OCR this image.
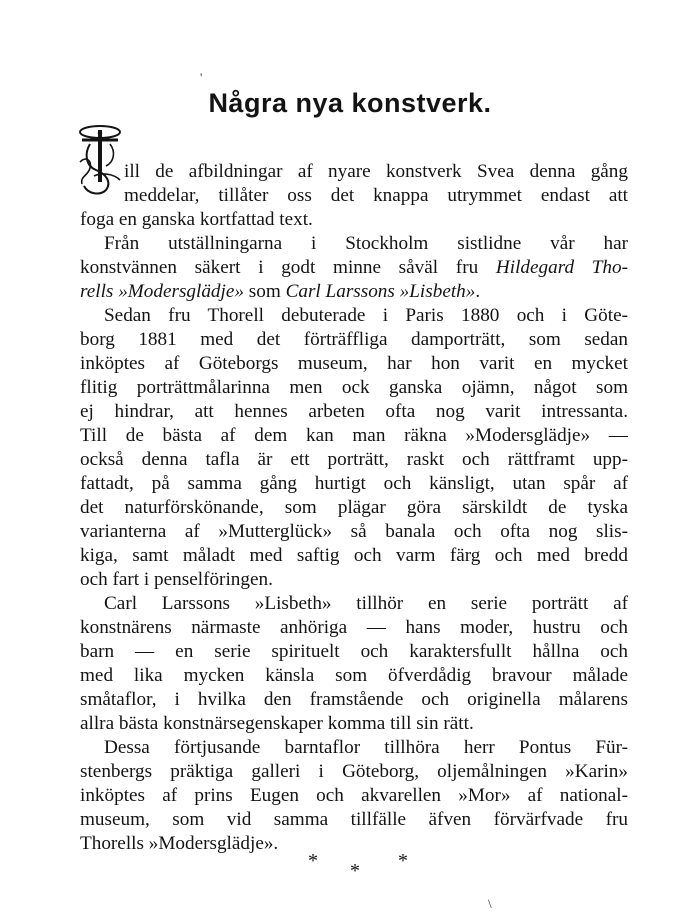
'
Några nya konstverk.
T
ill de afbildningar af nyare konstverk Svea denna gång
meddelar, tillåter oss det knappa utrymmet endast att
foga en ganska kortfattad text.
Från utställningarna i Stockholm sistlidne vår har
konstvännen säkert i godt minne såväl fru Hildegard Tho-
rells »Modersglädje» som Carl Larssons »Lisbeth».
Sedan fru Thorell debuterade i Paris 1880 och i Göte-
borg 1881 med det förträffliga damporträtt, som sedan
inköptes af Göteborgs museum, har hon varit en mycket
flitig porträttmålarinna men ock ganska ojämn, något som
ej hindrar, att hennes arbeten ofta nog varit intressanta.
Till de bästa af dem kan man räkna »Modersglädje» —
också denna tafla är ett porträtt, raskt och rättframt upp-
fattadt, på samma gång hurtigt och känsligt, utan spår af
det naturförskönande, som plägar göra särskildt de tyska
varianterna af »Mutterglück» så banala och ofta nog slis-
kiga, samt måladt med saftig och varm färg och med bredd
och fart i penselföringen.
Carl Larssons »Lisbeth» tillhör en serie porträtt af
konstnärens närmaste anhöriga — hans moder, hustru och
barn — en serie spirituelt och karaktersfullt hållna och
med lika mycken känsla som öfverdådig bravour målade
småtaflor, i hvilka den framstående och originella målarens
allra bästa konstnärsegenskaper komma till sin rätt.
Dessa förtjusande barntaflor tillhöra herr Pontus Für-
stenbergs präktiga galleri i Göteborg, oljemålningen »Karin»
inköptes af prins Eugen och akvarellen »Mor» af national-
museum, som vid samma tillfälle äfven förvärfvade fru
Thorells »Modersglädje».
* * *
\
